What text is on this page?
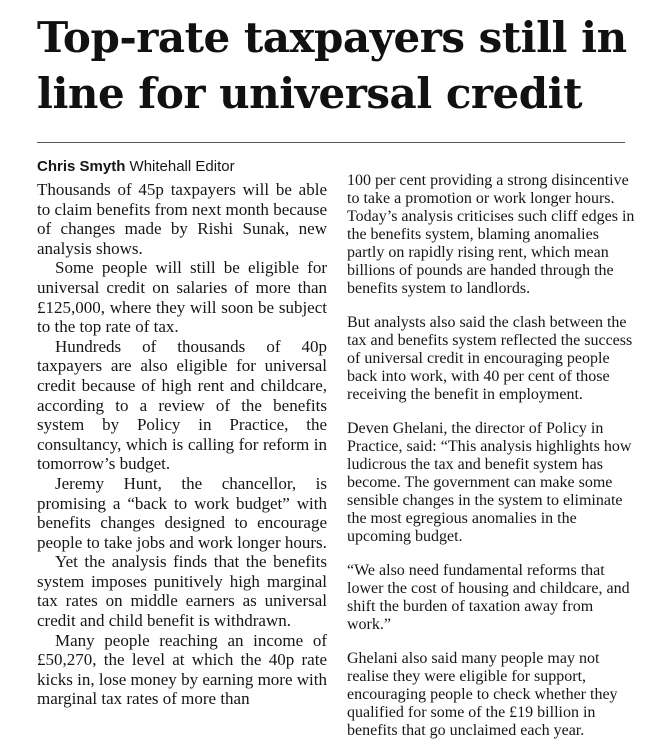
Top-rate taxpayers still in line for universal credit
Chris Smyth Whitehall Editor

Thousands of 45p taxpayers will be able to claim benefits from next month because of changes made by Rishi Sunak, new analysis shows.

Some people will still be eligible for universal credit on salaries of more than £125,000, where they will soon be subject to the top rate of tax.

Hundreds of thousands of 40p taxpayers are also eligible for universal credit because of high rent and childcare, according to a review of the benefits system by Policy in Practice, the consultancy, which is calling for reform in tomorrow’s budget.

Jeremy Hunt, the chancellor, is promising a “back to work budget” with benefits changes designed to encourage people to take jobs and work longer hours.

Yet the analysis finds that the benefits system imposes punitively high marginal tax rates on middle earners as universal credit and child benefit is withdrawn.

Many people reaching an income of £50,270, the level at which the 40p rate kicks in, lose money by earning more with marginal tax rates of more than

100 per cent providing a strong disincentive to take a promotion or work longer hours. Today’s analysis criticises such cliff edges in the benefits system, blaming anomalies partly on rapidly rising rent, which mean billions of pounds are handed through the benefits system to landlords.

But analysts also said the clash between the tax and benefits system reflected the success of universal credit in encouraging people back into work, with 40 per cent of those receiving the benefit in employment.

Deven Ghelani, the director of Policy in Practice, said: “This analysis highlights how ludicrous the tax and benefit system has become. The government can make some sensible changes in the system to eliminate the most egregious anomalies in the upcoming budget.

“We also need fundamental reforms that lower the cost of housing and childcare, and shift the burden of taxation away from work.”

Ghelani also said many people may not realise they were eligible for support, encouraging people to check whether they qualified for some of the £19 billion in benefits that go unclaimed each year.
